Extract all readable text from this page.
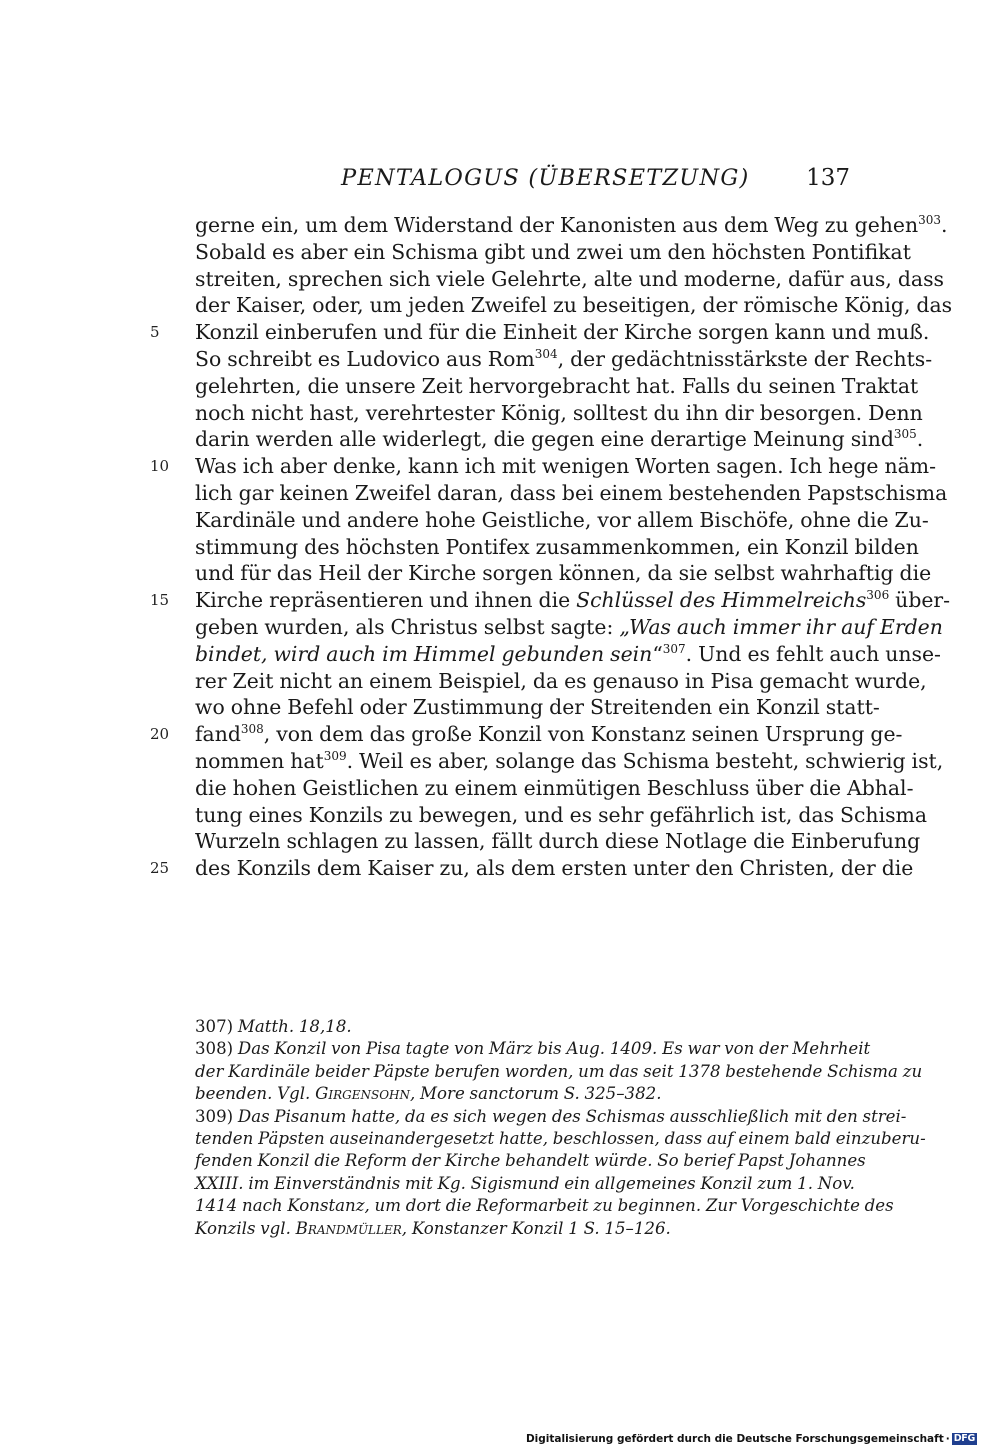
PENTALOGUS (ÜBERSETZUNG) 137
gerne ein, um dem Widerstand der Kanonisten aus dem Weg zu gehen$^{303}$.
Sobald es aber ein Schisma gibt und zwei um den höchsten Pontifikat
streiten, sprechen sich viele Gelehrte, alte und moderne, dafür aus, dass
der Kaiser, oder, um jeden Zweifel zu beseitigen, der römische König, das
5	Konzil einberufen und für die Einheit der Kirche sorgen kann und muß.
So schreibt es Ludovico aus Rom$^{304}$, der gedächtnisstärkste der Rechts-
gelehrten, die unsere Zeit hervorgebracht hat. Falls du seinen Traktat
noch nicht hast, verehrtester König, solltest du ihn dir besorgen. Denn
darin werden alle widerlegt, die gegen eine derartige Meinung sind$^{305}$.
10	Was ich aber denke, kann ich mit wenigen Worten sagen. Ich hege näm-
lich gar keinen Zweifel daran, dass bei einem bestehenden Papstschisma
Kardinäle und andere hohe Geistliche, vor allem Bischöfe, ohne die Zu-
stimmung des höchsten Pontifex zusammenkommen, ein Konzil bilden
und für das Heil der Kirche sorgen können, da sie selbst wahrhaftig die
15	Kirche repräsentieren und ihnen die Schlüssel des Himmelreichs$^{306}$ über-
geben wurden, als Christus selbst sagte: „Was auch immer ihr auf Erden
bindet, wird auch im Himmel gebunden sein“$^{307}$. Und es fehlt auch unse-
rer Zeit nicht an einem Beispiel, da es genauso in Pisa gemacht wurde,
wo ohne Befehl oder Zustimmung der Streitenden ein Konzil statt-
20	fand$^{308}$, von dem das große Konzil von Konstanz seinen Ursprung ge-
nommen hat$^{309}$. Weil es aber, solange das Schisma besteht, schwierig ist,
die hohen Geistlichen zu einem einmütigen Beschluss über die Abhal-
tung eines Konzils zu bewegen, und es sehr gefährlich ist, das Schisma
Wurzeln schlagen zu lassen, fällt durch diese Notlage die Einberufung
25	des Konzils dem Kaiser zu, als dem ersten unter den Christen, der die
307) Matth. 18,18.
308) Das Konzil von Pisa tagte von März bis Aug. 1409. Es war von der Mehrheit
der Kardinäle beider Päpste berufen worden, um das seit 1378 bestehende Schisma zu
beenden. Vgl. Girgensohn, More sanctorum S. 325–382.
309) Das Pisanum hatte, da es sich wegen des Schismas ausschließlich mit den strei-
tenden Päpsten auseinandergesetzt hatte, beschlossen, dass auf einem bald einzuberu-
fenden Konzil die Reform der Kirche behandelt würde. So berief Papst Johannes
XXIII. im Einverständnis mit Kg. Sigismund ein allgemeines Konzil zum 1. Nov.
1414 nach Konstanz, um dort die Reformarbeit zu beginnen. Zur Vorgeschichte des
Konzils vgl. Brandmüller, Konstanzer Konzil 1 S. 15–126.
Digitalisierung gefördert durch die Deutsche Forschungsgemeinschaft · DFG
